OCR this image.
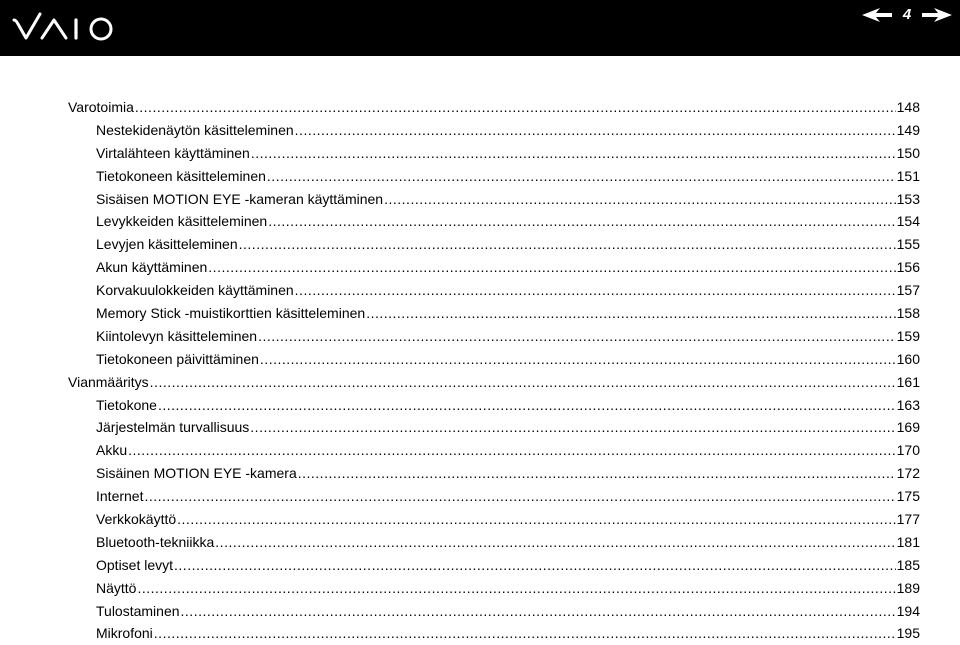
4
Varotoimia .....	148
Nestekidenäytön käsitteleminen .....	149
Virtalähteen käyttäminen .....	150
Tietokoneen käsitteleminen .....	151
Sisäisen MOTION EYE -kameran käyttäminen .....	153
Levykkeiden käsitteleminen .....	154
Levyjen käsitteleminen .....	155
Akun käyttäminen .....	156
Korvakuulokkeiden käyttäminen .....	157
Memory Stick -muistikorttien käsitteleminen .....	158
Kiintolevyn käsitteleminen .....	159
Tietokoneen päivittäminen .....	160
Vianmääritys .....	161
Tietokone .....	163
Järjestelmän turvallisuus .....	169
Akku .....	170
Sisäinen MOTION EYE -kamera .....	172
Internet .....	175
Verkkokäyttö .....	177
Bluetooth-tekniikka .....	181
Optiset levyt .....	185
Näyttö .....	189
Tulostaminen .....	194
Mikrofoni .....	195
